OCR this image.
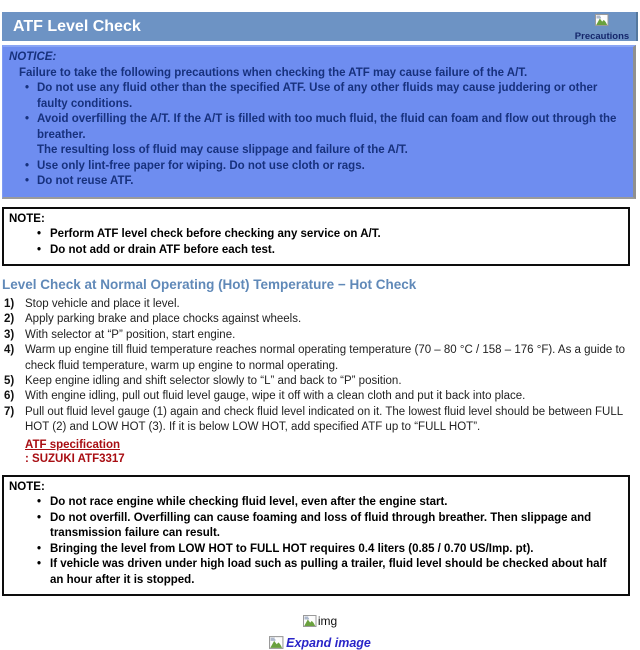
ATF Level Check
Precautions
NOTICE:
Failure to take the following precautions when checking the ATF may cause failure of the A/T.
• Do not use any fluid other than the specified ATF. Use of any other fluids may cause juddering or other faulty conditions.
• Avoid overfilling the A/T. If the A/T is filled with too much fluid, the fluid can foam and flow out through the breather.
The resulting loss of fluid may cause slippage and failure of the A/T.
• Use only lint-free paper for wiping. Do not use cloth or rags.
• Do not reuse ATF.
NOTE:
• Perform ATF level check before checking any service on A/T.
• Do not add or drain ATF before each test.
Level Check at Normal Operating (Hot) Temperature − Hot Check
1) Stop vehicle and place it level.
2) Apply parking brake and place chocks against wheels.
3) With selector at “P” position, start engine.
4) Warm up engine till fluid temperature reaches normal operating temperature (70 – 80 °C / 158 – 176 °F). As a guide to check fluid temperature, warm up engine to normal operating.
5) Keep engine idling and shift selector slowly to “L” and back to “P” position.
6) With engine idling, pull out fluid level gauge, wipe it off with a clean cloth and put it back into place.
7) Pull out fluid level gauge (1) again and check fluid level indicated on it. The lowest fluid level should be between FULL HOT (2) and LOW HOT (3). If it is below LOW HOT, add specified ATF up to “FULL HOT”.
ATF specification
: SUZUKI ATF3317
NOTE:
• Do not race engine while checking fluid level, even after the engine start.
• Do not overfill. Overfilling can cause foaming and loss of fluid through breather. Then slippage and transmission failure can result.
• Bringing the level from LOW HOT to FULL HOT requires 0.4 liters (0.85 / 0.70 US/Imp. pt).
• If vehicle was driven under high load such as pulling a trailer, fluid level should be checked about half an hour after it is stopped.
img
Expand image
